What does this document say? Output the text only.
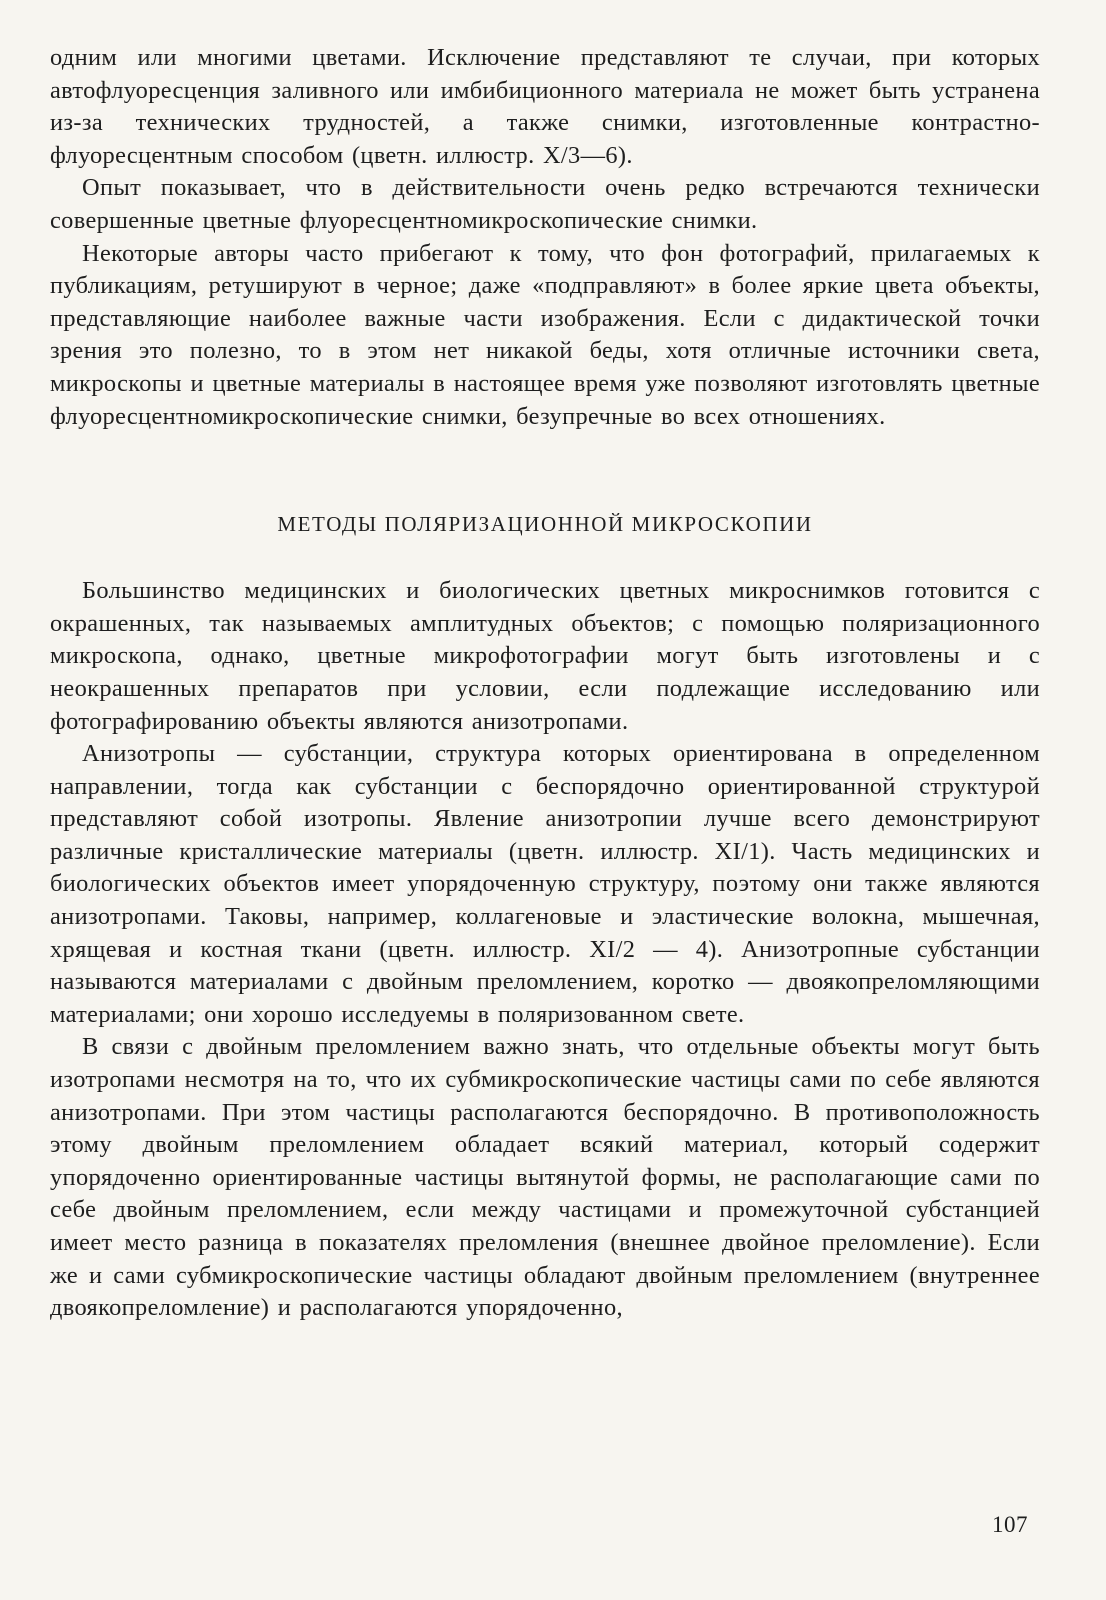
одним или многими цветами. Исключение представляют те случаи, при которых автофлуоресценция заливного или имбибиционного материала не может быть устранена из-за технических трудностей, а также снимки, изготовленные контрастно-флуоресцентным способом (цветн. иллюстр. X/3—6).

Опыт показывает, что в действительности очень редко встречаются технически совершенные цветные флуоресцентномикроскопические снимки.

Некоторые авторы часто прибегают к тому, что фон фотографий, прилагаемых к публикациям, ретушируют в черное; даже «подправляют» в более яркие цвета объекты, представляющие наиболее важные части изображения. Если с дидактической точки зрения это полезно, то в этом нет никакой беды, хотя отличные источники света, микроскопы и цветные материалы в настоящее время уже позволяют изготовлять цветные флуоресцентномикроскопические снимки, безупречные во всех отношениях.

МЕТОДЫ ПОЛЯРИЗАЦИОННОЙ МИКРОСКОПИИ

Большинство медицинских и биологических цветных микроснимков готовится с окрашенных, так называемых амплитудных объектов; с помощью поляризационного микроскопа, однако, цветные микрофотографии могут быть изготовлены и с неокрашенных препаратов при условии, если подлежащие исследованию или фотографированию объекты являются анизотропами.

Анизотропы — субстанции, структура которых ориентирована в определенном направлении, тогда как субстанции с беспорядочно ориентированной структурой представляют собой изотропы. Явление анизотропии лучше всего демонстрируют различные кристаллические материалы (цветн. иллюстр. XI/1). Часть медицинских и биологических объектов имеет упорядоченную структуру, поэтому они также являются анизотропами. Таковы, например, коллагеновые и эластические волокна, мышечная, хрящевая и костная ткани (цветн. иллюстр. XI/2 — 4). Анизотропные субстанции называются материалами с двойным преломлением, коротко — двоякопреломляющими материалами; они хорошо исследуемы в поляризованном свете.

В связи с двойным преломлением важно знать, что отдельные объекты могут быть изотропами несмотря на то, что их субмикроскопические частицы сами по себе являются анизотропами. При этом частицы располагаются беспорядочно. В противоположность этому двойным преломлением обладает всякий материал, который содержит упорядоченно ориентированные частицы вытянутой формы, не располагающие сами по себе двойным преломлением, если между частицами и промежуточной субстанцией имеет место разница в показателях преломления (внешнее двойное преломление). Если же и сами субмикроскопические частицы обладают двойным преломлением (внутреннее двоякопреломление) и располагаются упорядоченно,

107
